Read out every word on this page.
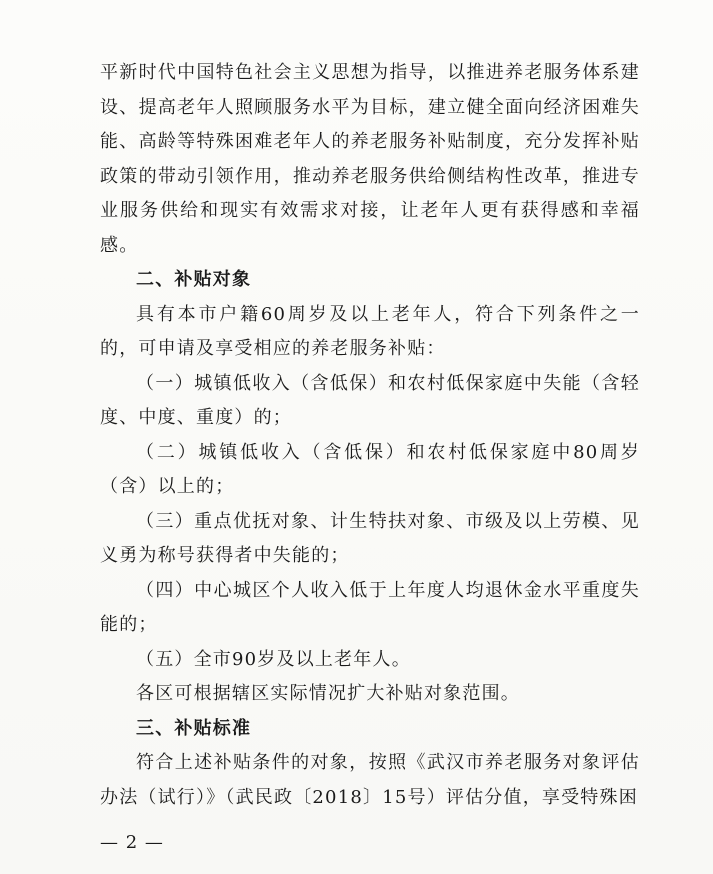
平新时代中国特色社会主义思想为指导，以推进养老服务体系建设、提高老年人照顾服务水平为目标，建立健全面向经济困难失能、高龄等特殊困难老年人的养老服务补贴制度，充分发挥补贴政策的带动引领作用，推动养老服务供给侧结构性改革，推进专业服务供给和现实有效需求对接，让老年人更有获得感和幸福感。

二、补贴对象

具有本市户籍60周岁及以上老年人，符合下列条件之一的，可申请及享受相应的养老服务补贴：

（一）城镇低收入（含低保）和农村低保家庭中失能（含轻度、中度、重度）的；

（二）城镇低收入（含低保）和农村低保家庭中80周岁（含）以上的；

（三）重点优抚对象、计生特扶对象、市级及以上劳模、见义勇为称号获得者中失能的；

（四）中心城区个人收入低于上年度人均退休金水平重度失能的；

（五）全市90岁及以上老年人。

各区可根据辖区实际情况扩大补贴对象范围。

三、补贴标准

符合上述补贴条件的对象，按照《武汉市养老服务对象评估办法（试行）》（武民政〔2018〕15号）评估分值，享受特殊困

— 2 —
